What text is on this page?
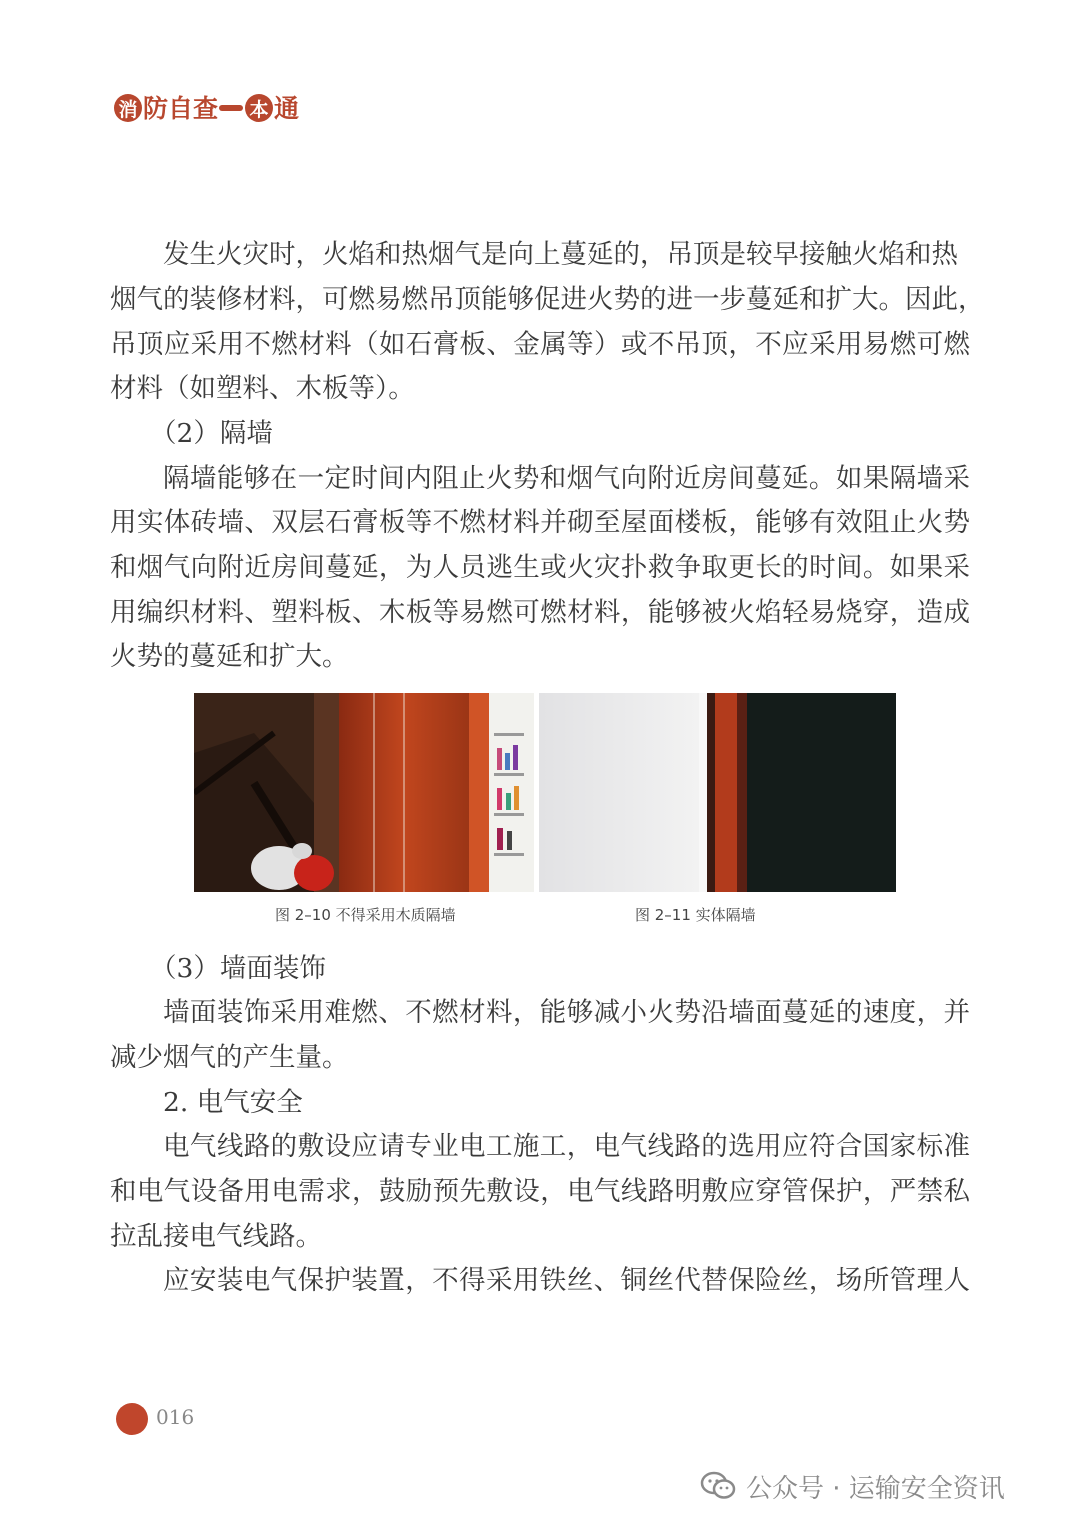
消 防 自 查 本 通
发生火灾时，火焰和热烟气是向上蔓延的，吊顶是较早接触火焰和热
烟气的装修材料，可燃易燃吊顶能够促进火势的进一步蔓延和扩大。因此，
吊顶应采用不燃材料（如石膏板、金属等）或不吊顶，不应采用易燃可燃
材料（如塑料、木板等）。
（2）隔墙
隔墙能够在一定时间内阻止火势和烟气向附近房间蔓延。如果隔墙采
用实体砖墙、双层石膏板等不燃材料并砌至屋面楼板，能够有效阻止火势
和烟气向附近房间蔓延，为人员逃生或火灾扑救争取更长的时间。如果采
用编织材料、塑料板、木板等易燃可燃材料，能够被火焰轻易烧穿，造成
火势的蔓延和扩大。
图 2–10 不得采用木质隔墙	图 2–11 实体隔墙
（3）墙面装饰
墙面装饰采用难燃、不燃材料，能够减小火势沿墙面蔓延的速度，并
减少烟气的产生量。
2. 电气安全
电气线路的敷设应请专业电工施工，电气线路的选用应符合国家标准
和电气设备用电需求，鼓励预先敷设，电气线路明敷应穿管保护，严禁私
拉乱接电气线路。
应安装电气保护装置，不得采用铁丝、铜丝代替保险丝，场所管理人
016
公众号 · 运输安全资讯
